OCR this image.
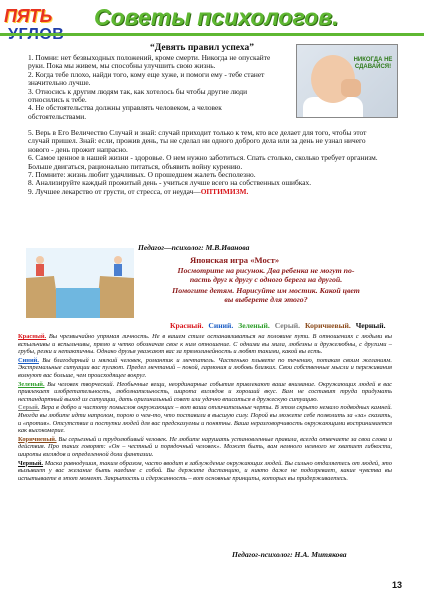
ПЯТЬ Советы психологов.
“Девять правил успеха”

1. Помни: нет безвыходных положений, кроме смерти. Никогда не опускайте руки. Пока мы живем, мы способны улучшить свою жизнь.

2. Когда тебе плохо, найди того, кому еще хуже, и помоги ему - тебе станет значительно лучше.

3. Относись к другим людям так, как хотелось бы чтобы другие люди относились к тебе.

4. Не обстоятельства должны управлять человеком, а человек обстоятельствами.

НИКОГДА НЕ СДАВАЙСЯ!

5. Верь в Его Величество Случай и знай: случай приходит только к тем, кто все делает для того, чтобы этот случай пришел. Знай: если, прожив день, ты не сделал ни одного доброго дела или за день не узнал ничего нового - день прожит напрасно.

6. Самое ценное в нашей жизни - здоровье. О нем нужно заботиться. Спать столько, сколько требует организм. Больше двигаться, рационально питаться, объявить войну курению.

7. Помните: жизнь любит удачливых. О прошедшем жалеть бесполезно.

8. Анализируйте каждый прожитый день - учиться лучше всего на собственных ошибках.

9. Лучшее лекарство от грусти, от стресса, от неудач—ОПТИМИЗМ.

Педагог—психолог: М.В.Иванова
Японская игра «Мост»

Посмотрите на рисунок. Два ребенка не могут по-пасть друг к другу с одного берега на другой.

Помогите детям. Нарисуйте им мостик. Какой цвет вы выберете для этого?

Красный. Синий. Зеленый. Серый. Коричневый. Черный.

Красный. Вы чрезвычайно упрямая личность. Не в вашем стиле останавливаться на половине пути. В отношениях с людьми вы вспыльчивы и вспыльчивы, прямо и четко обозначая свое к ним отношение. С одними вы мила, любезны и дружелюбны, с другими – грубы, резки и нетактичны. Однако друзья уважают вас за прямолинейность и любят такими, какой вы есть.

Синий. Вы благодарный и мягкий человек, романтик и мечтатель. Частенько плывете по течению, потакая своим желаниям. Экстремальные ситуации вас пугают. Предел мечтаний – покой, гармония и любовь близких. Свои собственные мысли и переживания волнуют вас больше, чем происходящее вокруг.

Зеленый. Вы человек творческий. Необычные вещи, неординарные события привлекают ваше внимание. Окружающих людей в вас привлекает изобретательность, любознательность, широта взглядов и хороший вкус. Вам не составит труда придумать нестандартный выход из ситуации, дать оригинальный совет или удачно вписаться в дружескую ситуацию.

Серый. Вера в добро и чистоту помыслов окружающих – вот ваши отличительные черты. В этом скрыто немало подводных камней. Иногда вы любите идти напролом, порою о чем-то, что поставили в высшую силу. Порой вы можете себе позволить за «за» сказать, и «против». Отсутствие и поступки людей для вас предсказуемы и понятны. Ваша неразговорчивость окружающими воспринимается как высокомерие.

Коричневый. Вы серьезный и трудолюбивый человек. Не любите нарушать установленные правила, всегда отвечаете за свои слова и действия. Про таких говорят: «Он – честный и порядочный человек». Может быть, вам немного немного не хватает гибкости, широты взглядов и определенной доли фантазии.

Черный. Маска равнодушия, таким образом, часто вводит в заблуждение окружающих людей. Вы сильно отдаляетесь от людей, это вызывает у вас желание быть наедине с собой. Вы держите дистанцию, и никто даже не подозревает, какие чувства вы испытываете в этот момент. Закрытость и сдержанность – вот основные принципы, которых вы придерживаетесь.

Педагог-психолог: Н.А. Митякова
13
